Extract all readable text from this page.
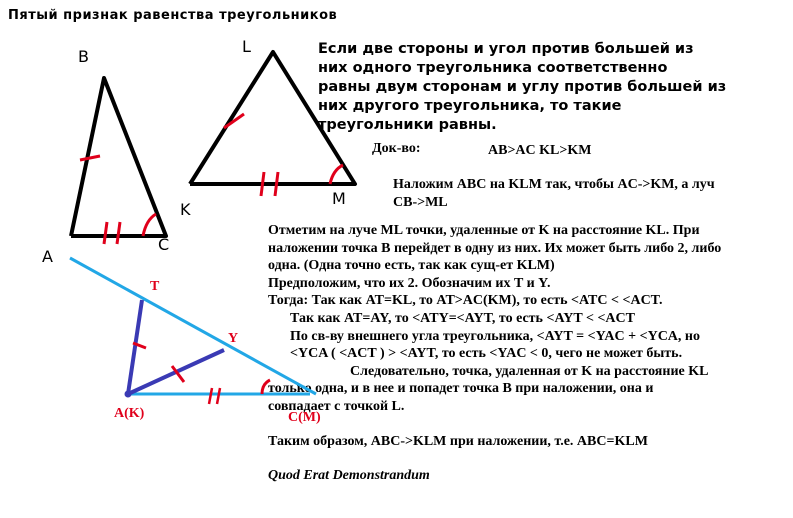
Пятый признак равенства треугольников
Если две стороны и угол против большей из
них одного треугольника соответственно
равны двум сторонам и углу против большей из
них другого треугольника, то такие
треугольники равны.
Док-во:	AB>AC KL>KM
Наложим ABC на KLM так, чтобы AC->KM, а луч
CB->ML
Отметим на луче ML точки, удаленные от K на расстояние KL. При
наложении точка B перейдет в одну из них. Их может быть либо 2, либо
одна. (Одна точно есть, так как сущ-ет KLM)
Предположим, что их 2. Обозначим их T и Y.
Тогда: Так как AT=KL, то AT>AC(KM), то есть <ATC < <ACT.
Так как AT=AY, то <ATY=<AYT, то есть <AYT < <ACT
По св-ву внешнего угла треугольника, <AYT = <YAC + <YCA, но
<YCA ( <ACT ) > <AYT, то есть <YAC < 0, чего не может быть.
Следовательно, точка, удаленная от K на расстояние KL
только одна, и в нее и попадет точка B при наложении, она и
совпадает с точкой L.
Таким образом, ABC->KLM при наложении, т.е. ABC=KLM
Quod Erat Demonstrandum
B
A
C
L
K
M
T
Y
A(K)	C(M)
